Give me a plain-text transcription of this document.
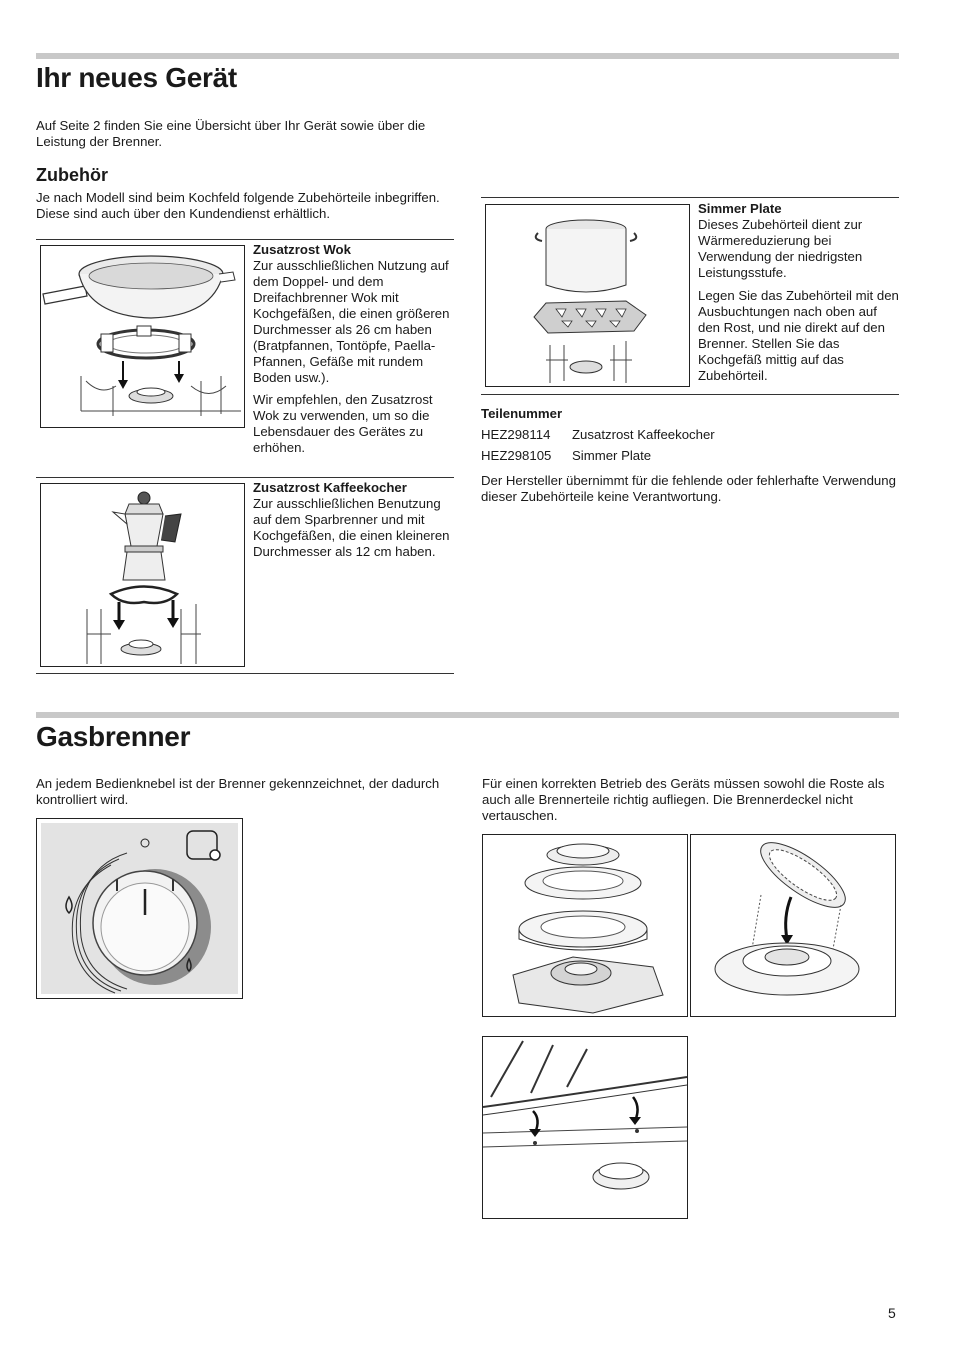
Ihr neues Gerät

Auf Seite 2 finden Sie eine Übersicht über Ihr Gerät sowie über die Leistung der Brenner.

Zubehör

Je nach Modell sind beim Kochfeld folgende Zubehörteile inbegriffen. Diese sind auch über den Kundendienst erhältlich.

Zusatzrost Wok

Zur ausschließlichen Nutzung auf dem Doppel- und dem Dreifachbrenner Wok mit Kochgefäßen, die einen größeren Durchmesser als 26 cm haben (Bratpfannen, Tontöpfe, Paella-Pfannen, Gefäße mit rundem Boden usw.).

Wir empfehlen, den Zusatzrost Wok zu verwenden, um so die Lebensdauer des Gerätes zu erhöhen.

Zusatzrost Kaffeekocher

Zur ausschließlichen Benutzung auf dem Sparbrenner und mit Kochgefäßen, die einen kleineren Durchmesser als 12 cm haben.

Simmer Plate

Dieses Zubehörteil dient zur Wärmereduzierung bei Verwendung der niedrigsten Leistungsstufe.

Legen Sie das Zubehörteil mit den Ausbuchtungen nach oben auf den Rost, und nie direkt auf den Brenner. Stellen Sie das Kochgefäß mittig auf das Zubehörteil.

Teilenummer

HEZ298114 Zusatzrost Kaffeekocher
HEZ298105 Simmer Plate

Der Hersteller übernimmt für die fehlende oder fehlerhafte Verwendung dieser Zubehörteile keine Verantwortung.

Gasbrenner

An jedem Bedienknebel ist der Brenner gekennzeichnet, der dadurch kontrolliert wird.

Für einen korrekten Betrieb des Geräts müssen sowohl die Roste als auch alle Brennerteile richtig aufliegen. Die Brennerdeckel nicht vertauschen.

5
